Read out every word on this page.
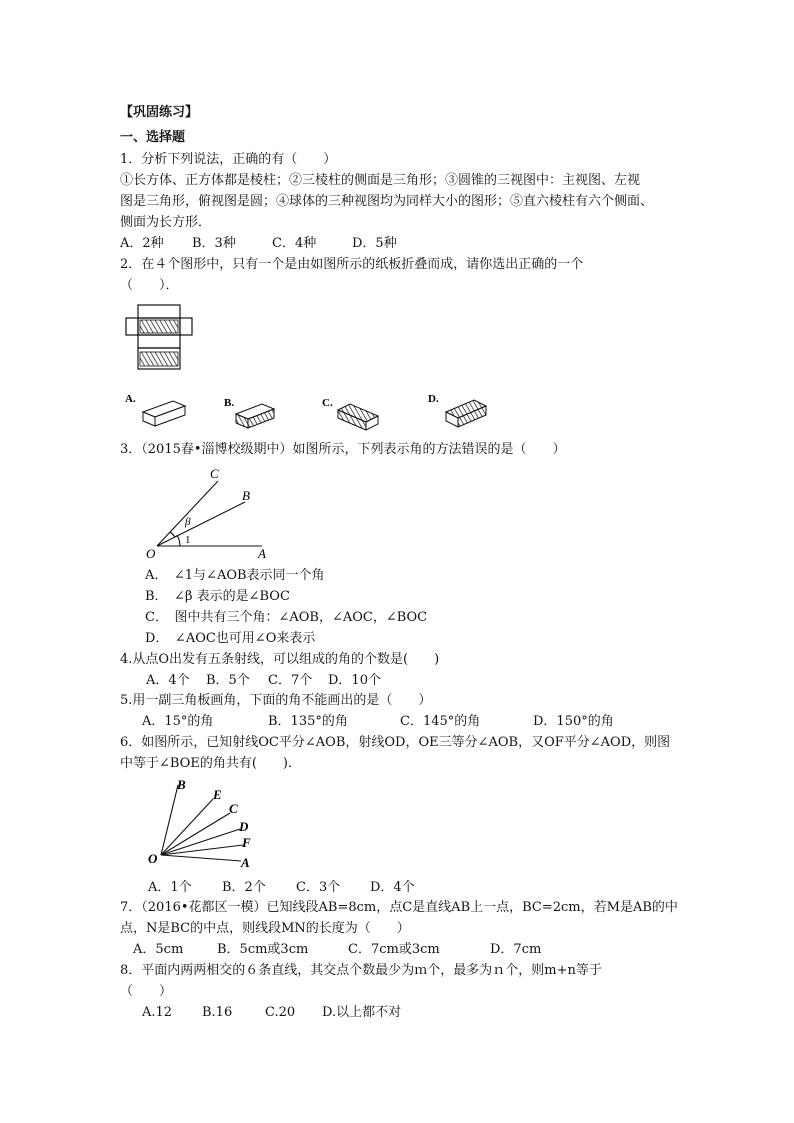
【巩固练习】
一、选择题
1．分析下列说法，正确的有（　　）
①长方体、正方体都是棱柱；②三棱柱的侧面是三角形；③圆锥的三视图中：主视图、左视
图是三角形，俯视图是圆；④球体的三种视图均为同样大小的图形；⑤直六棱柱有六个侧面、
侧面为长方形．
A．2种 B．3种	C．4种	D．5种
2．在４个图形中，只有一个是由如图所示的纸板折叠而成，请你选出正确的一个
（　　）．
A.	B.	C.	D.
3．（2015春•淄博校级期中）如图所示，下列表示角的方法错误的是（　　）
C
B
O	A
β
1
A．　∠1与∠AOB表示同一个角
B．　∠β 表示的是∠BOC
C．　图中共有三个角：∠AOB，∠AOC，∠BOC
D．　∠AOC也可用∠O来表示
4.从点O出发有五条射线，可以组成的角的个数是(　　)
A．4个 B．5个 C．7个 D．10个
5.用一副三角板画角，下面的角不能画出的是（　　）
A．15°的角	B．135°的角	C．145°的角	D．150°的角
6．如图所示，已知射线OC平分∠AOB，射线OD，OE三等分∠AOB，又OF平分∠AOD，则图
中等于∠BOE的角共有(　　)．
B
E
C
D
F
A
O
A．1个 B．2个 C．3个 D．4个
7．（2016•花都区一模）已知线段AB=8cm，点C是直线AB上一点，BC=2cm，若M是AB的中
点，N是BC的中点，则线段MN的长度为（　　）
A．5cm	B．5cm或3cm	C．7cm或3cm	D．7cm
8．平面内两两相交的６条直线，其交点个数最少为ｍ个，最多为ｎ个，则m+n等于
（　　）
A.12 B.16	C.20 D.以上都不对
